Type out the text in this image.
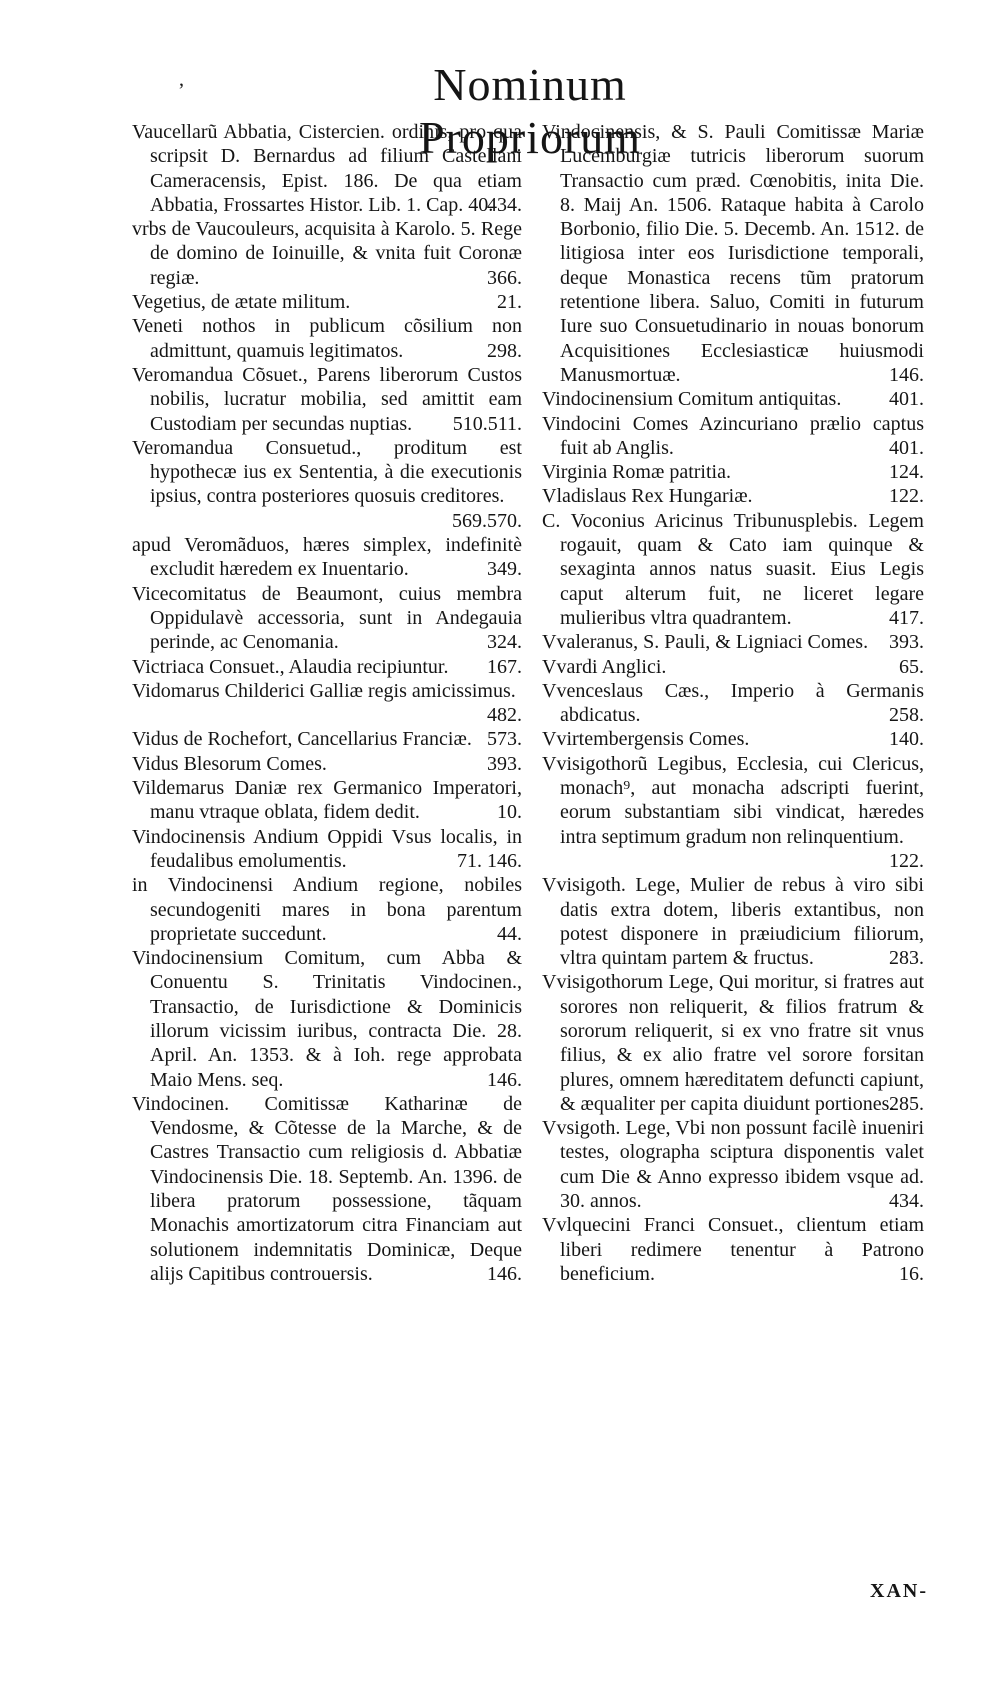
ʼ	Nominum Propriorum

Vaucellarũ Abbatia, Cistercien. ordinis, pro qua scripsit D. Bernardus ad filium Castellani Cameracensis, Epist. 186. De qua etiam Abbatia, Frossartes Histor. Lib. 1. Cap. 40.
434.

vrbs de Vaucouleurs, acquisita à Karolo. 5. Rege de domino de Ioinuille, & vnita fuit Coronæ regiæ.	366.

Vegetius, de ætate militum.	21.

Veneti nothos in publicum cõsilium non admittunt, quamuis legitimatos.	298.

Veromandua Cõsuet., Parens liberorum Custos nobilis, lucratur mobilia, sed amittit eam Custodiam per secundas nuptias. 510.511.

Veromandua Consuetud., proditum est hypothecæ ius ex Sententia, à die executionis ipsius, contra posteriores quosuis creditores.
569.570.

apud Veromãduos, hæres simplex, indefinitè excludit hæredem ex Inuentario.	349.

Vicecomitatus de Beaumont, cuius membra Oppidulavè accessoria, sunt in Andegauia perinde, ac Cenomania.	324.

Victriaca Consuet., Alaudia recipiuntur. 167.

Vidomarus Childerici Galliæ regis amicissimus.
482.

Vidus de Rochefort, Cancellarius Franciæ. 573.

Vidus Blesorum Comes.	393.

Vildemarus Daniæ rex Germanico Imperatori, manu vtraque oblata, fidem dedit.	10.

Vindocinensis Andium Oppidi Vsus localis, in feudalibus emolumentis.	71. 146.

in Vindocinensi Andium regione, nobiles secundogeniti mares in bona parentum proprietate succedunt.	44.

Vindocinensium Comitum, cum Abba & Conuentu S. Trinitatis Vindocinen., Transactio, de Iurisdictione & Dominicis illorum vicissim iuribus, contracta Die. 28. April. An. 1353. & à Ioh. rege approbata Maio Mens. seq.	146.

Vindocinen. Comitissæ Katharinæ de Vendosme, & Cõtesse de la Marche, & de Castres Transactio cum religiosis d. Abbatiæ Vindocinensis Die. 18. Septemb. An. 1396. de libera pratorum possessione, tãquam Monachis amortizatorum citra Financiam aut solutionem indemnitatis Dominicæ, Deque alijs Capitibus controuersis.	146.

Vindocinensis, & S. Pauli Comitissæ Mariæ Lucemburgiæ tutricis liberorum suorum Transactio cum præd. Cœnobitis, inita Die. 8. Maij An. 1506. Rataque habita à Carolo Borbonio, filio Die. 5. Decemb. An. 1512. de litigiosa inter eos Iurisdictione temporali, deque Monastica recens tũm pratorum retentione libera. Saluo, Comiti in futurum Iure suo Consuetudinario in nouas bonorum Acquisitiones Ecclesiasticæ huiusmodi Manusmortuæ.	146.

Vindocinensium Comitum antiquitas. 401.

Vindocini Comes Azincuriano prælio captus fuit ab Anglis.	401.

Virginia Romæ patritia.	124.

Vladislaus Rex Hungariæ.	122.

C. Voconius Aricinus Tribunusplebis. Legem rogauit, quam & Cato iam quinque & sexaginta annos natus suasit. Eius Legis caput alterum fuit, ne liceret legare mulieribus vltra quadrantem.	417.

Vvaleranus, S. Pauli, & Ligniaci Comes. 393.

Vvardi Anglici.	65.

Vvenceslaus Cæs., Imperio à Germanis abdicatus.	258.

Vvirtembergensis Comes.	140.

Vvisigothorũ Legibus, Ecclesia, cui Clericus, monach⁹, aut monacha adscripti fuerint, eorum substantiam sibi vindicat, hæredes intra septimum gradum non relinquentium.
122.

Vvisigoth. Lege, Mulier de rebus à viro sibi datis extra dotem, liberis extantibus, non potest disponere in præiudicium filiorum, vltra quintam partem & fructus.	283.

Vvisigothorum Lege, Qui moritur, si fratres aut sorores non reliquerit, & filios fratrum & sororum reliquerit, si ex vno fratre sit vnus filius, & ex alio fratre vel sorore forsitan plures, omnem hæreditatem defuncti capiunt, & æqualiter per capita diuidunt portiones.
285.

Vvsigoth. Lege, Vbi non possunt facilè inueniri testes, olographa sciptura disponentis valet cum Die & Anno expresso ibidem vsque ad. 30. annos.	434.

Vvlquecini Franci Consuet., clientum etiam liberi redimere tenentur à Patrono beneficium.	16.

XAN-
